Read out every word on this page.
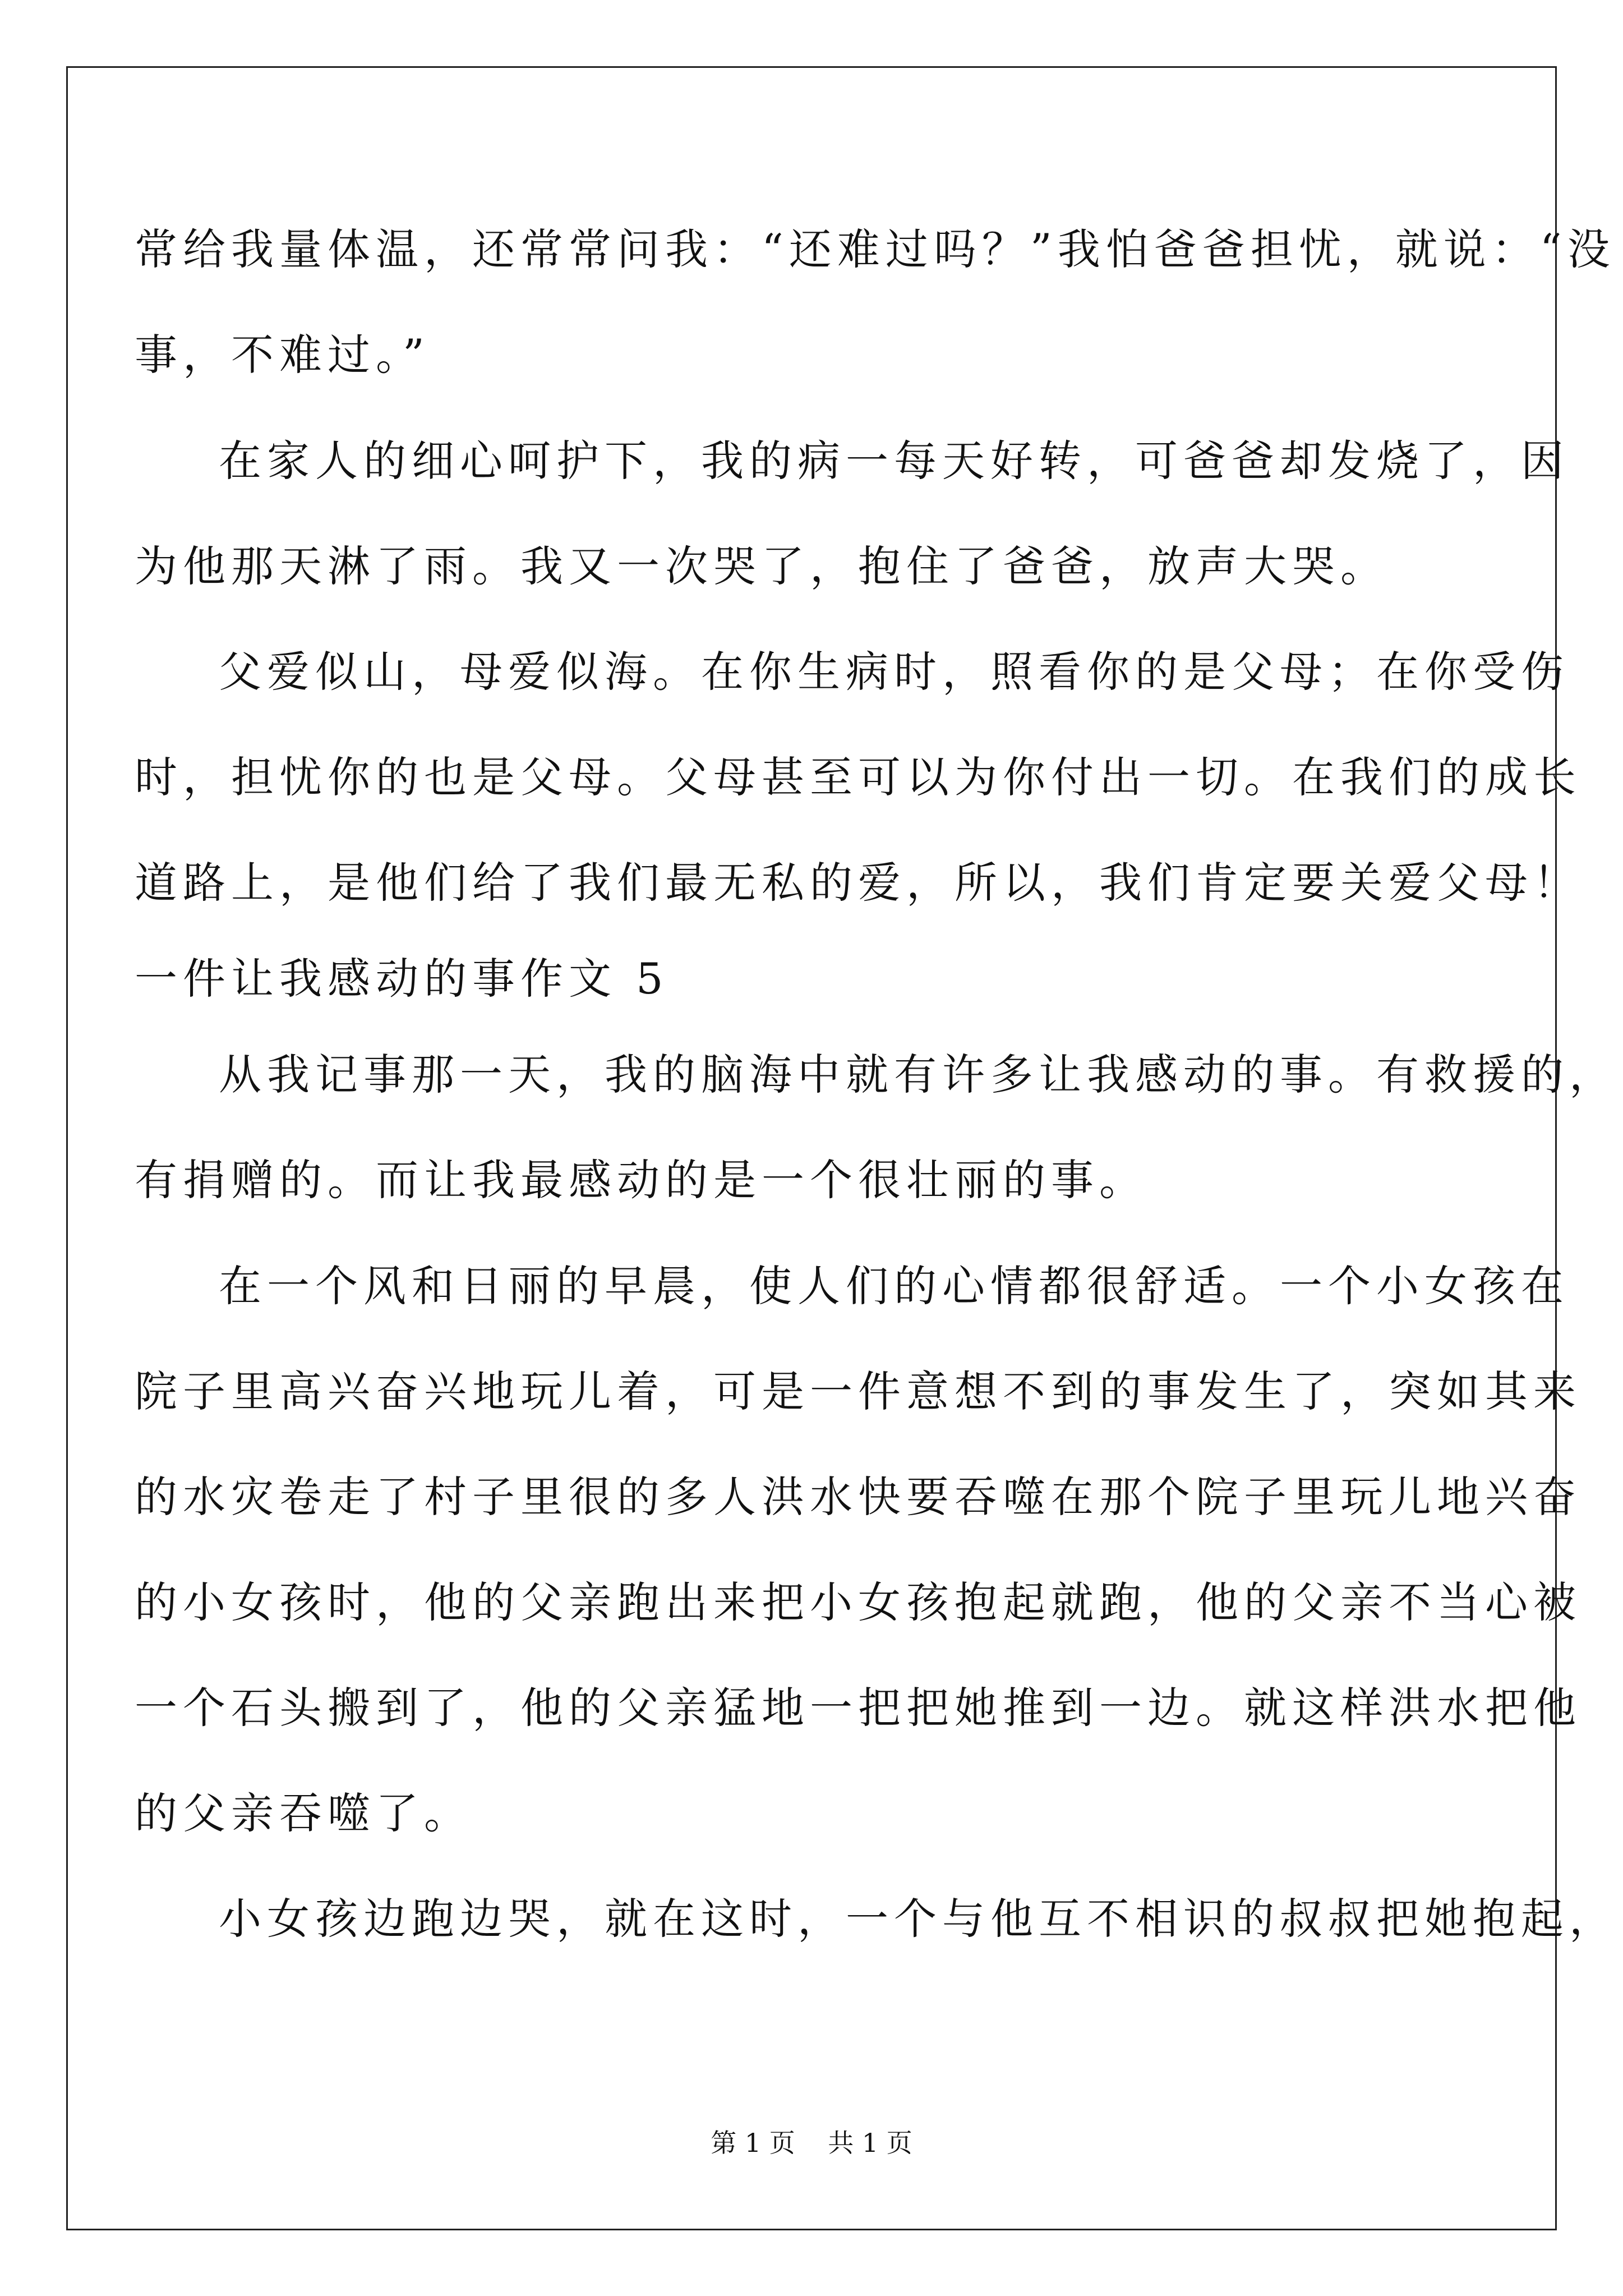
常给我量体温，还常常问我：“还难过吗？”我怕爸爸担忧，就说：“没
事，不难过。”
在家人的细心呵护下，我的病一每天好转，可爸爸却发烧了，因
为他那天淋了雨。我又一次哭了，抱住了爸爸，放声大哭。
父爱似山，母爱似海。在你生病时，照看你的是父母；在你受伤
时，担忧你的也是父母。父母甚至可以为你付出一切。在我们的成长
道路上，是他们给了我们最无私的爱，所以，我们肯定要关爱父母！
一件让我感动的事作文 5
从我记事那一天，我的脑海中就有许多让我感动的事。有救援的，
有捐赠的。而让我最感动的是一个很壮丽的事。
在一个风和日丽的早晨，使人们的心情都很舒适。一个小女孩在
院子里高兴奋兴地玩儿着，可是一件意想不到的事发生了，突如其来
的水灾卷走了村子里很的多人洪水快要吞噬在那个院子里玩儿地兴奋
的小女孩时，他的父亲跑出来把小女孩抱起就跑，他的父亲不当心被
一个石头搬到了，他的父亲猛地一把把她推到一边。就这样洪水把他
的父亲吞噬了。
小女孩边跑边哭，就在这时，一个与他互不相识的叔叔把她抱起，
第 1 页    共 1 页
